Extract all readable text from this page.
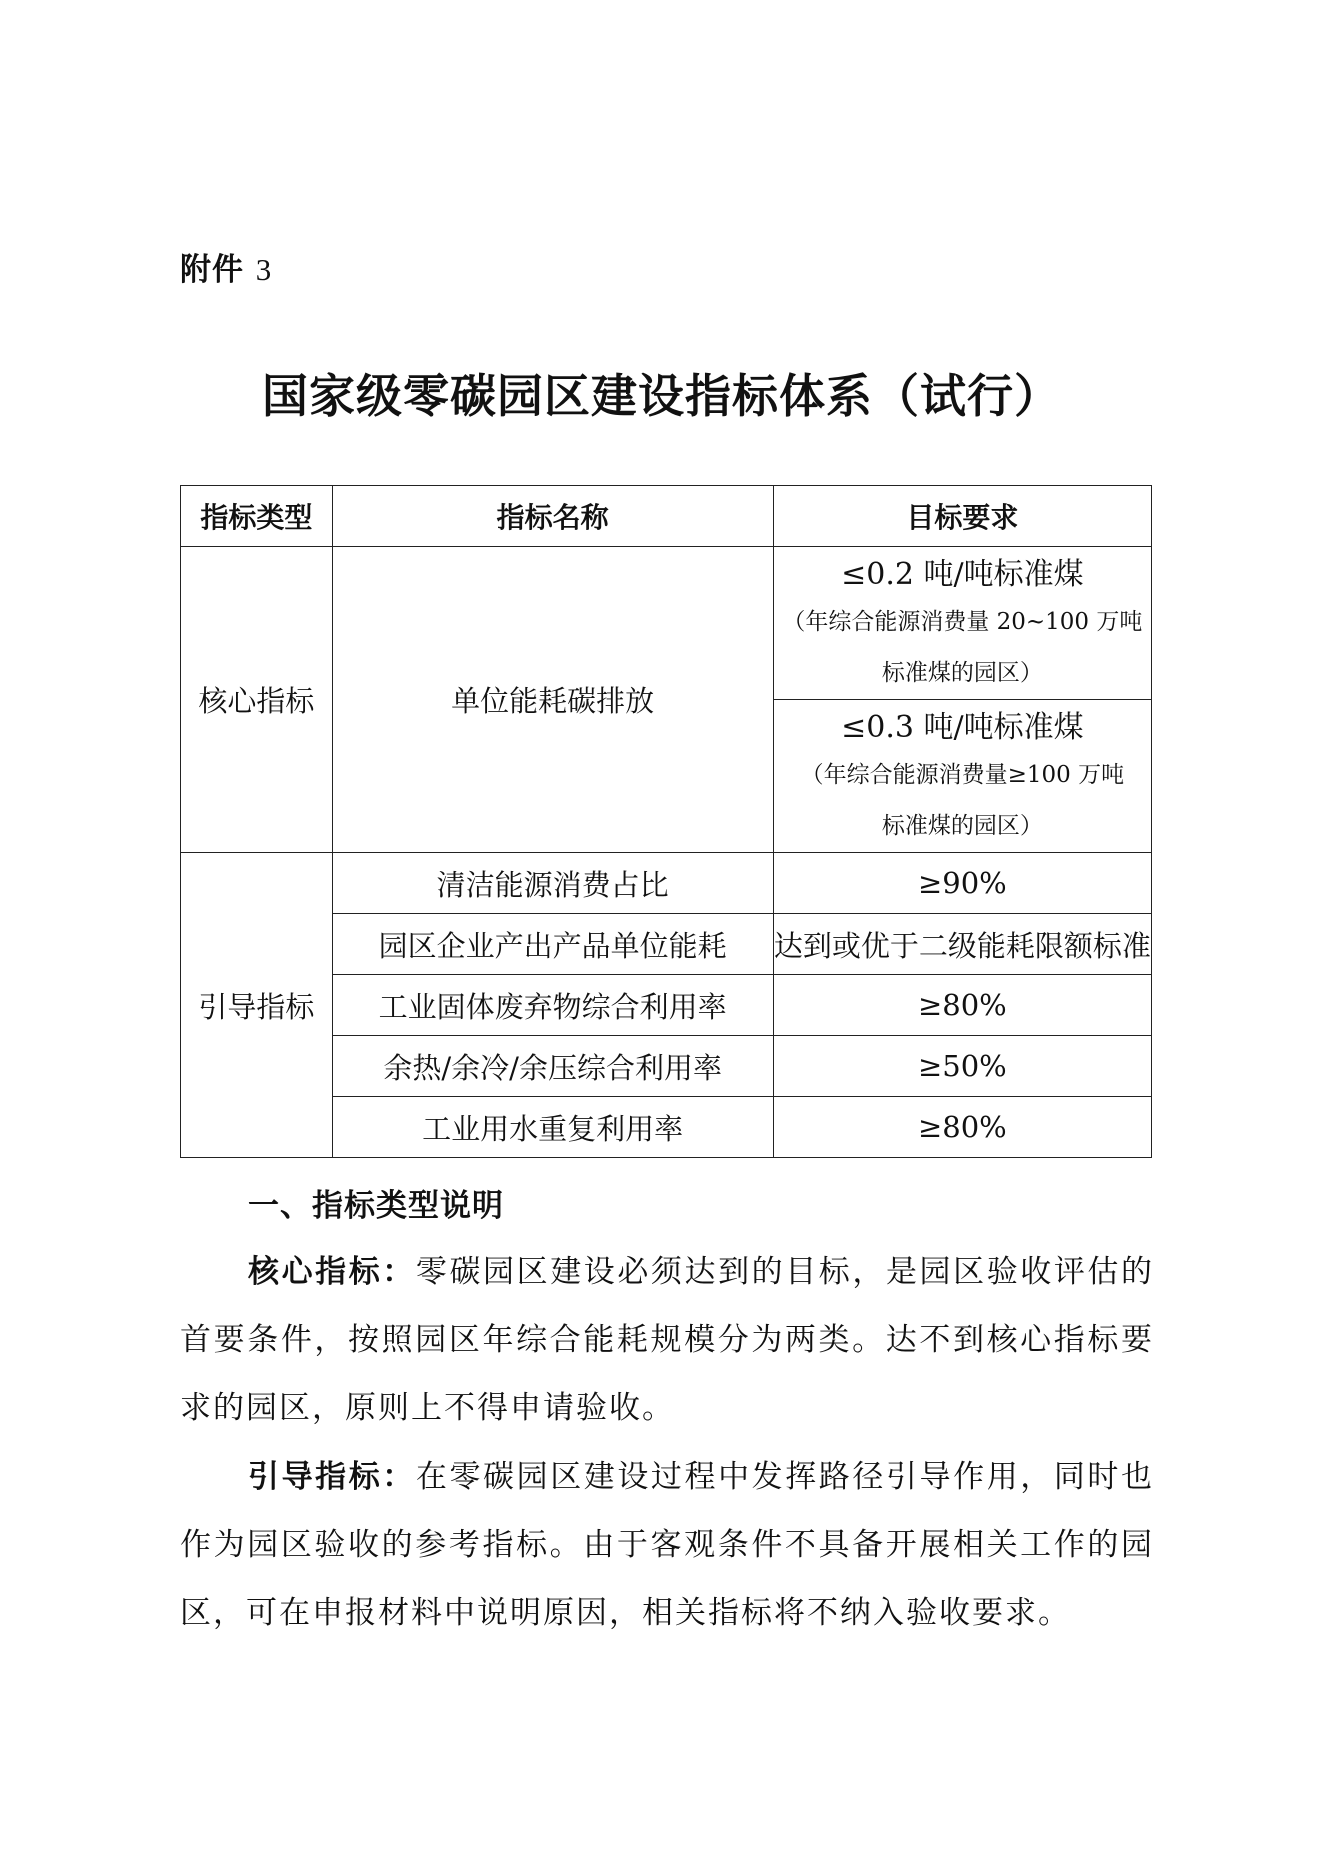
附件 3
国家级零碳园区建设指标体系（试行）
指标类型	指标名称	目标要求
核心指标	单位能耗碳排放	≤0.2 吨/吨标准煤
（年综合能源消费量 20~100 万吨
标准煤的园区）

		≤0.3 吨/吨标准煤
（年综合能源消费量≥100 万吨
标准煤的园区）

引导指标	清洁能源消费占比	≥90%
	园区企业产出产品单位能耗	达到或优于二级能耗限额标准
	工业固体废弃物综合利用率	≥80%
	余热/余冷/余压综合利用率	≥50%
	工业用水重复利用率	≥80%
一、指标类型说明

核心指标：零碳园区建设必须达到的目标，是园区验收评估的首要条件，按照园区年综合能耗规模分为两类。达不到核心指标要求的园区，原则上不得申请验收。

引导指标：在零碳园区建设过程中发挥路径引导作用，同时也作为园区验收的参考指标。由于客观条件不具备开展相关工作的园区，可在申报材料中说明原因，相关指标将不纳入验收要求。
